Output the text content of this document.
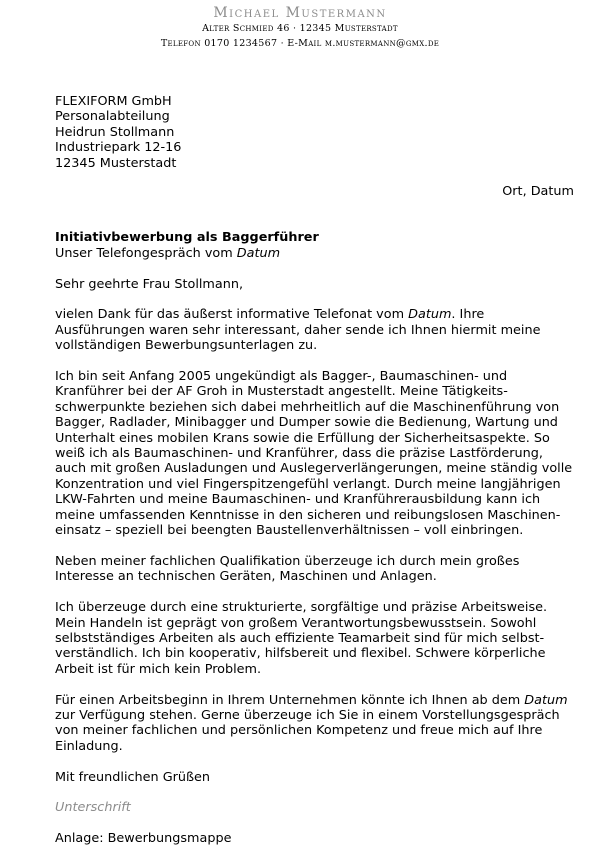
Michael Mustermann
Alter Schmied 46 · 12345 Musterstadt
Telefon 0170 1234567 · E-Mail m.mustermann@gmx.de
FLEXIFORM GmbH
Personalabteilung
Heidrun Stollmann
Industriepark 12-16
12345 Musterstadt
Ort, Datum
Initiativbewerbung als Baggerführer
Unser Telefongespräch vom Datum

Sehr geehrte Frau Stollmann,

vielen Dank für das äußerst informative Telefonat vom Datum. Ihre Ausführungen waren sehr interessant, daher sende ich Ihnen hiermit meine vollständigen Bewerbungsunterlagen zu.

Ich bin seit Anfang 2005 ungekündigt als Bagger-, Baumaschinen- und Kranführer bei der AF Groh in Musterstadt angestellt. Meine Tätigkeitsschwerpunkte beziehen sich dabei mehrheitlich auf die Maschinenführung von Bagger, Radlader, Minibagger und Dumper sowie die Bedienung, Wartung und Unterhalt eines mobilen Krans sowie die Erfüllung der Sicherheitsaspekte. So weiß ich als Baumaschinen- und Kranführer, dass die präzise Lastförderung, auch mit großen Ausladungen und Auslegerverlängerungen, meine ständig volle Konzentration und viel Fingerspitzengefühl verlangt. Durch meine langjährigen LKW-Fahrten und meine Baumaschinen- und Kranführerausbildung kann ich meine umfassenden Kenntnisse in den sicheren und reibungslosen Maschineneinsatz – speziell bei beengten Baustellenverhältnissen – voll einbringen.

Neben meiner fachlichen Qualifikation überzeuge ich durch mein großes Interesse an technischen Geräten, Maschinen und Anlagen.

Ich überzeuge durch eine strukturierte, sorgfältige und präzise Arbeitsweise. Mein Handeln ist geprägt von großem Verantwortungsbewusstsein. Sowohl selbstständiges Arbeiten als auch effiziente Teamarbeit sind für mich selbstverständlich. Ich bin kooperativ, hilfsbereit und flexibel. Schwere körperliche Arbeit ist für mich kein Problem.

Für einen Arbeitsbeginn in Ihrem Unternehmen könnte ich Ihnen ab dem Datum zur Verfügung stehen. Gerne überzeuge ich Sie in einem Vorstellungsgespräch von meiner fachlichen und persönlichen Kompetenz und freue mich auf Ihre Einladung.

Mit freundlichen Grüßen

Unterschrift

Anlage: Bewerbungsmappe
